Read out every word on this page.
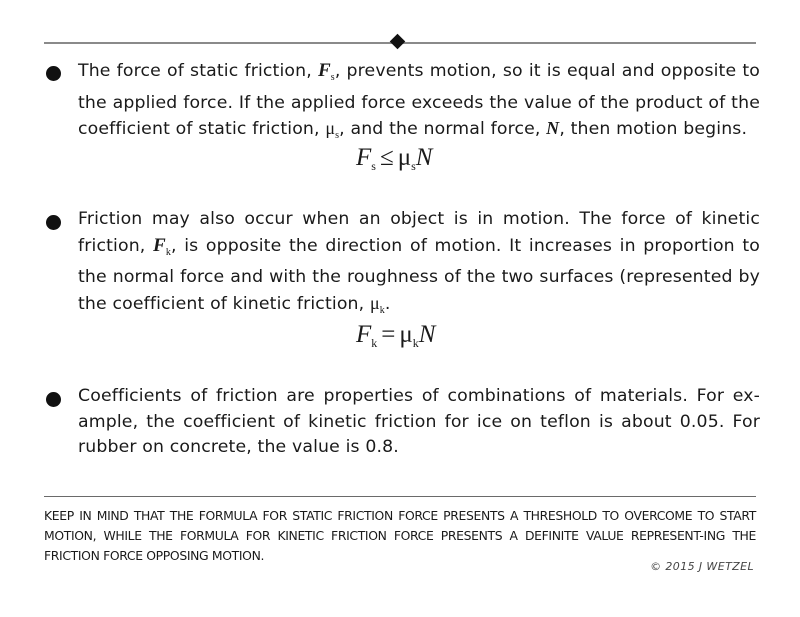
The force of static friction, $F_s$, prevents motion, so it is equal and opposite to the applied force. If the applied force exceeds the value of the product of the coefficient of static friction, $\mu_s$, and the normal force, N, then motion begins.
$F_s \le \mu_sN$
Friction may also occur when an object is in motion. The force of kinetic friction, $F_k$, is opposite the direction of motion. It increases in proportion to the normal force and with the roughness of the two surfaces (represented by the coefficient of kinetic friction, $\mu_k$.
$F_k = \mu_kN$
Coefficients of friction are properties of combinations of materials. For ex-ample, the coefficient of kinetic friction for ice on teflon is about 0.05. For rubber on concrete, the value is 0.8.
KEEP IN MIND THAT THE FORMULA FOR STATIC FRICTION FORCE PRESENTS A THRESHOLD TO OVERCOME TO START MOTION, WHILE THE FORMULA FOR KINETIC FRICTION FORCE PRESENTS A DEFINITE VALUE REPRESENT-ING THE FRICTION FORCE OPPOSING MOTION.
© 2015 J WETZEL
